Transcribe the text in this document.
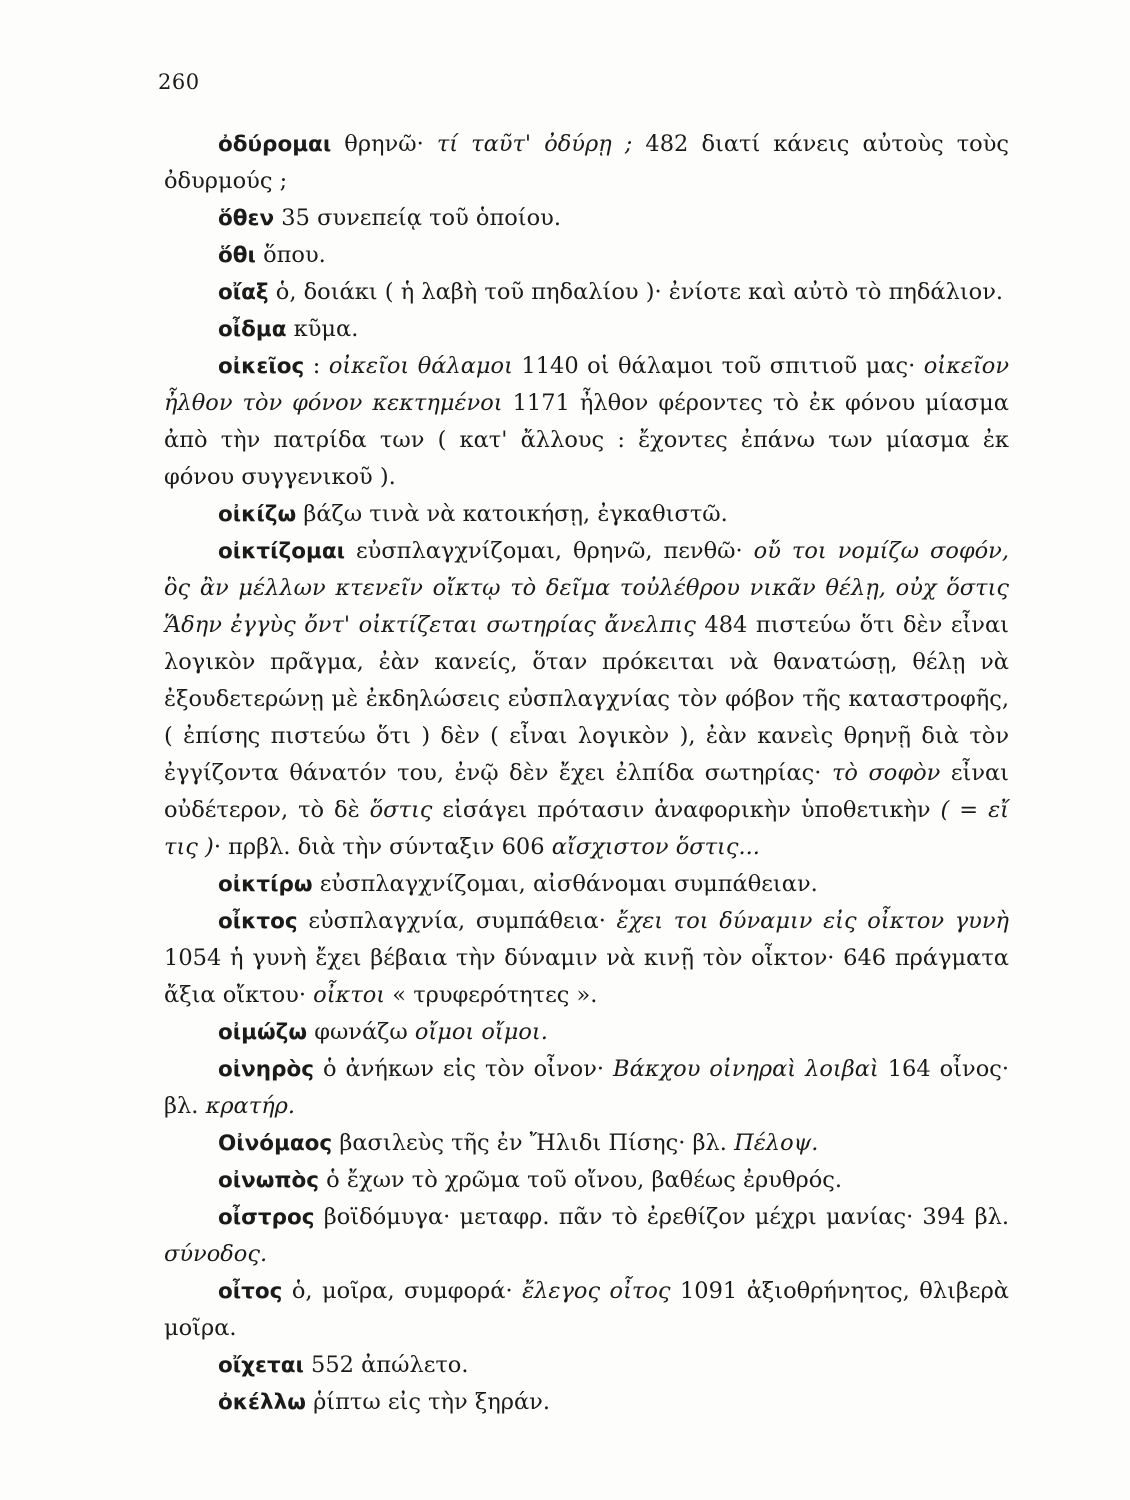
260

ὀδύρομαι θρηνῶ· τί ταῦτ' ὀδύρῃ ; 482 διατί κάνεις αὐτοὺς τοὺς ὀδυρμούς ;

ὅθεν 35 συνεπείᾳ τοῦ ὁποίου.

ὅθι ὅπου.

οἴαξ ὁ, δοιάκι ( ἡ λαβὴ τοῦ πηδαλίου )· ἐνίοτε καὶ αὐτὸ τὸ πηδάλιον.

οἶδμα κῦμα.

οἰκεῖος : οἰκεῖοι θάλαμοι 1140 οἱ θάλαμοι τοῦ σπιτιοῦ μας· οἰκεῖον ἦλθον τὸν φόνον κεκτημένοι 1171 ἦλθον φέροντες τὸ ἐκ φόνου μίασμα ἀπὸ τὴν πατρίδα των ( κατ' ἄλλους : ἔχοντες ἐπάνω των μίασμα ἐκ φόνου συγγενικοῦ ).

οἰκίζω βάζω τινὰ νὰ κατοικήσῃ, ἐγκαθιστῶ.

οἰκτίζομαι εὐσπλαγχνίζομαι, θρηνῶ, πενθῶ· οὔ τοι νομίζω σοφόν, ὃς ἂν μέλλων κτενεῖν οἴκτῳ τὸ δεῖμα τοὐλέθρου νικᾶν θέλῃ, οὐχ ὅστις Ἅδην ἐγγὺς ὄντ' οἰκτίζεται σωτηρίας ἄνελπις 484 πιστεύω ὅτι δὲν εἶναι λογικὸν πρᾶγμα, ἐὰν κανείς, ὅταν πρόκειται νὰ θανατώσῃ, θέλῃ νὰ ἐξουδετερώνῃ μὲ ἐκδηλώσεις εὐσπλαγχνίας τὸν φόβον τῆς καταστροφῆς, ( ἐπίσης πιστεύω ὅτι ) δὲν ( εἶναι λογικὸν ), ἐὰν κανεὶς θρηνῇ διὰ τὸν ἐγγίζοντα θάνατόν του, ἐνῷ δὲν ἔχει ἐλπίδα σωτηρίας· τὸ σοφὸν εἶναι οὐδέτερον, τὸ δὲ ὅστις εἰσάγει πρότασιν ἀναφορικὴν ὑποθετικὴν ( = εἴ τις )· πρβλ. διὰ τὴν σύνταξιν 606 αἴσχιστον ὅστις...

οἰκτίρω εὐσπλαγχνίζομαι, αἰσθάνομαι συμπάθειαν.

οἶκτος εὐσπλαγχνία, συμπάθεια· ἔχει τοι δύναμιν εἰς οἶκτον γυνὴ 1054 ἡ γυνὴ ἔχει βέβαια τὴν δύναμιν νὰ κινῇ τὸν οἶκτον· 646 πράγματα ἄξια οἴκτου· οἶκτοι « τρυφερότητες ».

οἰμώζω φωνάζω οἴμοι οἴμοι.

οἰνηρὸς ὁ ἀνήκων εἰς τὸν οἶνον· Βάκχου οἰνηραὶ λοιβαὶ 164 οἶνος· βλ. κρατήρ.

Οἰνόμαος βασιλεὺς τῆς ἐν Ἤλιδι Πίσης· βλ. Πέλοψ.

οἰνωπὸς ὁ ἔχων τὸ χρῶμα τοῦ οἴνου, βαθέως ἐρυθρός.

οἶστρος βοϊδόμυγα· μεταφρ. πᾶν τὸ ἐρεθίζον μέχρι μανίας· 394 βλ. σύνοδος.

οἶτος ὁ, μοῖρα, συμφορά· ἔλεγος οἶτος 1091 ἀξιοθρήνητος, θλιβερὰ μοῖρα.

οἴχεται 552 ἀπώλετο.

ὀκέλλω ῥίπτω εἰς τὴν ξηράν.
